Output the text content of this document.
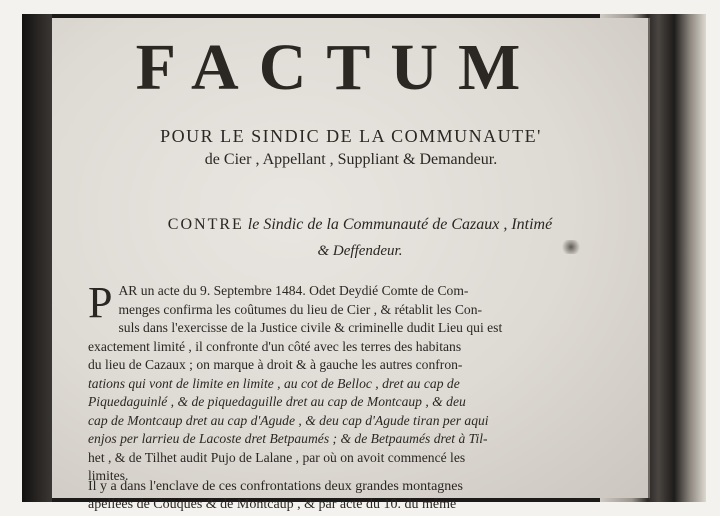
FACTUM
POUR LE SINDIC DE LA COMMUNAUTE'
de Cier , Appellant , Suppliant & Demandeur.
CONTRE le Sindic de la Communauté de Cazaux , Intimé
& Deffendeur.
P AR un acte du 9. Septembre 1484. Odet Deydié Comte de Com-
menges confirma les coûtumes du lieu de Cier , & rétablit les Con-
suls dans l'exercisse de la Justice civile & criminelle dudit Lieu qui est
exactement limité , il confronte d'un côté avec les terres des habitans
du lieu de Cazaux ; on marque à droit & à gauche les autres confron-
tations qui vont de limite en limite , au cot de Belloc , dret au cap de
Piquedaguinlé , & de piquedaguille dret au cap de Montcaup , & deu
cap de Montcaup dret au cap d'Agude , & deu cap d'Agude tiran per aqui
enjos per larrieu de Lacoste dret Betpaumés ; & de Betpaumés dret à Til-
het , & de Tilhet audit Pujo de Lalane , par où on avoit commencé les
limites.
Il y a dans l'enclave de ces confrontations deux grandes montagnes
apellées de Couques & de Montcaup , & par acte du 10. du même
